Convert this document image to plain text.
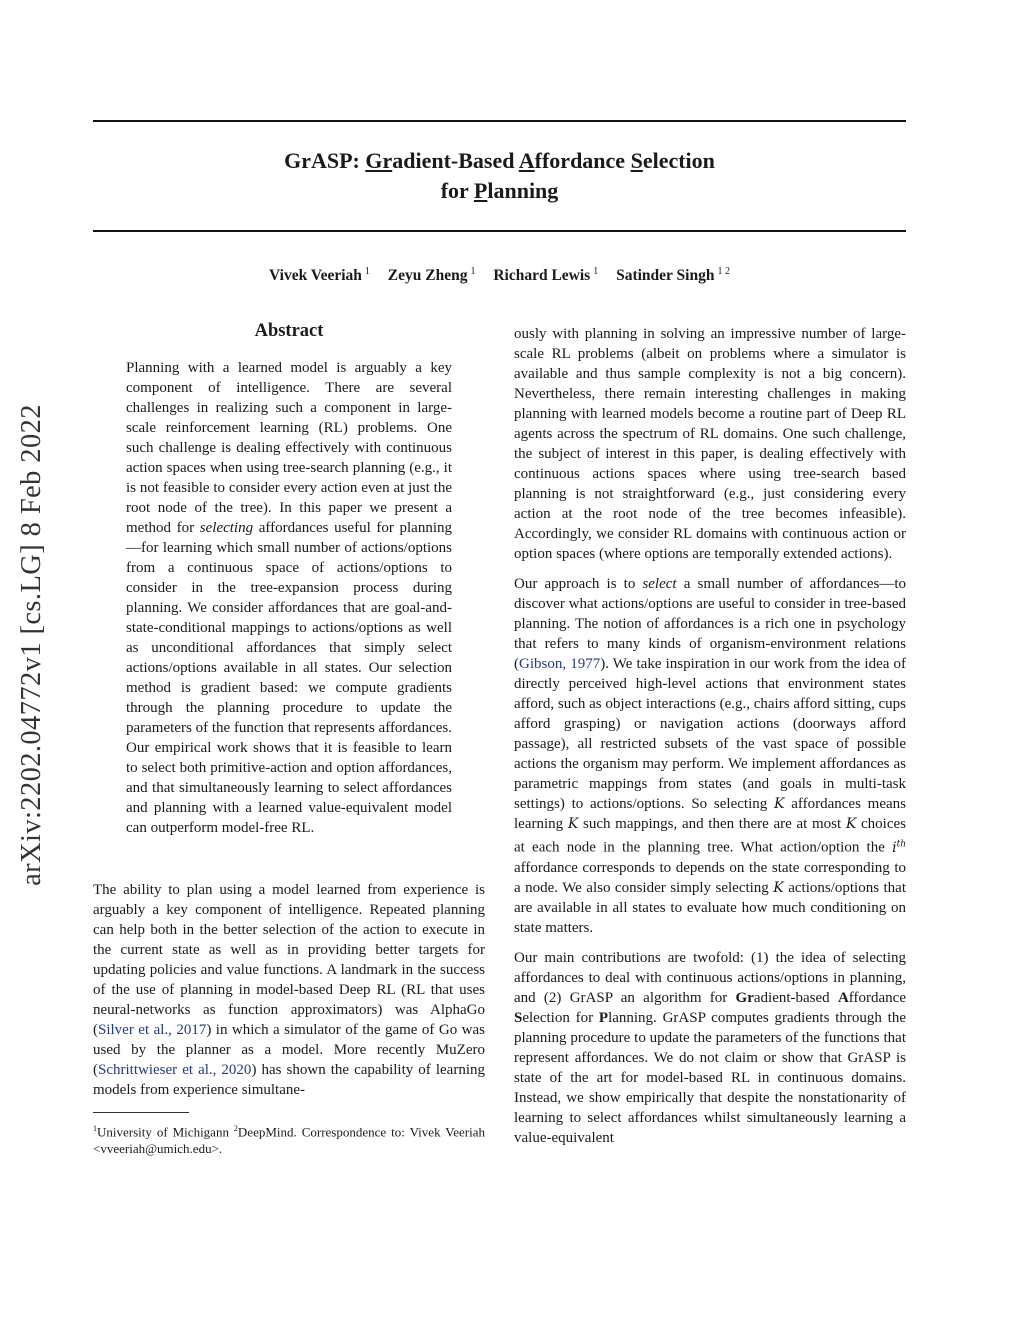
GrASP: Gradient-Based Affordance Selection
for Planning
Vivek Veeriah $^1$ Zeyu Zheng $^1$ Richard Lewis $^1$ Satinder Singh $^{1 2}$
arXiv:2202.04772v1 [cs.LG] 8 Feb 2022
Abstract

Planning with a learned model is arguably a key component of intelligence. There are several challenges in realizing such a component in large-scale reinforcement learning (RL) problems. One such challenge is dealing effectively with continuous action spaces when using tree-search planning (e.g., it is not feasible to consider every action even at just the root node of the tree). In this paper we present a method for selecting affordances useful for planning—for learning which small number of actions/options from a continuous space of actions/options to consider in the tree-expansion process during planning. We consider affordances that are goal-and-state-conditional mappings to actions/options as well as unconditional affordances that simply select actions/options available in all states. Our selection method is gradient based: we compute gradients through the planning procedure to update the parameters of the function that represents affordances. Our empirical work shows that it is feasible to learn to select both primitive-action and option affordances, and that simultaneously learning to select affordances and planning with a learned value-equivalent model can outperform model-free RL.

The ability to plan using a model learned from experience is arguably a key component of intelligence. Repeated planning can help both in the better selection of the action to execute in the current state as well as in providing better targets for updating policies and value functions. A landmark in the success of the use of planning in model-based Deep RL (RL that uses neural-networks as function approximators) was AlphaGo (Silver et al., 2017) in which a simulator of the game of Go was used by the planner as a model. More recently MuZero (Schrittwieser et al., 2020) has shown the capability of learning models from experience simultane-

$^1$University of Michigann $^2$DeepMind. Correspondence to: Vivek Veeriah <vveeriah@umich.edu>.

ously with planning in solving an impressive number of large-scale RL problems (albeit on problems where a simulator is available and thus sample complexity is not a big concern). Nevertheless, there remain interesting challenges in making planning with learned models become a routine part of Deep RL agents across the spectrum of RL domains. One such challenge, the subject of interest in this paper, is dealing effectively with continuous actions spaces where using tree-search based planning is not straightforward (e.g., just considering every action at the root node of the tree becomes infeasible). Accordingly, we consider RL domains with continuous action or option spaces (where options are temporally extended actions).

Our approach is to select a small number of affordances—to discover what actions/options are useful to consider in tree-based planning. The notion of affordances is a rich one in psychology that refers to many kinds of organism-environment relations (Gibson, 1977). We take inspiration in our work from the idea of directly perceived high-level actions that environment states afford, such as object interactions (e.g., chairs afford sitting, cups afford grasping) or navigation actions (doorways afford passage), all restricted subsets of the vast space of possible actions the organism may perform. We implement affordances as parametric mappings from states (and goals in multi-task settings) to actions/options. So selecting K affordances means learning K such mappings, and then there are at most K choices at each node in the planning tree. What action/option the $i^{th}$ affordance corresponds to depends on the state corresponding to a node. We also consider simply selecting K actions/options that are available in all states to evaluate how much conditioning on state matters.

Our main contributions are twofold: (1) the idea of selecting affordances to deal with continuous actions/options in planning, and (2) GrASP an algorithm for Gradient-based Affordance Selection for Planning. GrASP computes gradients through the planning procedure to update the parameters of the functions that represent affordances. We do not claim or show that GrASP is state of the art for model-based RL in continuous domains. Instead, we show empirically that despite the nonstationarity of learning to select affordances whilst simultaneously learning a value-equivalent
